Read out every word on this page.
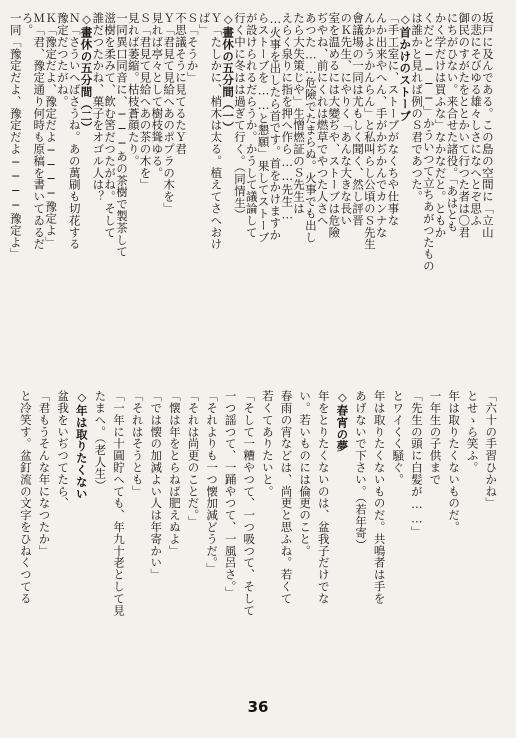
坂戸に及んである。この島の空間に「立山
の悲にそびゆる雄々しさになへとぞ思ふ
御民のすがたをととかいて行つた者は〇君
にちがひない。来合せた諸役。「あはとも
かく学だけは買ふな」なかなだと。ともか
くだと────」かういつて立ちあがつたもの
は誰かと見れば例のＳ君であつた。
◇首かけのストーブ
「手工室に、ストーブがなくちや仕事な
んか出来やへん、手がかぢかんでカンナな
んかようかんらん」と私叫らし公頃のＳ先生
會議場の一同は尤もしく聞く、然し評晋
のＫ先生、にやりく「あんな大きな長い
室を温めるには大變ぢや、ストーブは危險
ぢやね、前にくれは燃草でやつた人さへ
あつた……危險でたまらぬ。火事でも出し
たら大失策じや」生憎燃証のＳ先生は
えらく泉りに指を押へ作ら……先生…
…火事を出したら首です。首をかけますか
らストーブを……と懇願」果してストーブ
が設けられるだらうか。かうして議論して
行く中に冬はは過ぎて行く。（同情生）
◇畫休の五分間（一）
Ｙ「たしかに、梢木は太る。植えてさへおけ
ば」
Ｓ「そうか」
不思議そうに見てるたＹ君
Ｙ「君見て見給へあのポプラの木を」
見れば亭々として樹枝聳ゆる。
Ｓ「君見て見給へあの茶の木を」
見れば萎縮。枯枝蒼顔たり。
一同異口同音に、───あの茶樹で製茶して
滋樹を柔みて、飲む筈だつたがね。そして
誰だつたかね、菓子をオゴル人は？
◇畫休の五分間（二）
Ｎ「さういへばさうね。あの萬刷も切花する
豫定だつたがね。
Ｋ「豫定だよ、豫定だよ────豫定よ」
Ｍ「君、豫定通り何時も原稿を書いてゐるだ
ろ。
一同「豫定だよ、豫定だよ────豫定よ」
「六十の手習ひかね」
とせゝら笑ふ。
年は取りたくないものだ。
一年生の子供まで
「先生の頭に白髪が……」
とワイくく騒ぐ。
年は取りたくないものだ。共鳴者は手を
あげないで下さい。（若年寄）
◇春宵の夢
年をとりたくないのは、盆我子だけでな
い。若いものには倫更のこと。
春雨の宵などは、尚更と思ふね。若くて
若くてありたいと。
「そして一糟やつて、一つ吸つて、そして
一つ謡つて、一踊やつて、一風呂さ。」
「それよりも一つ懐加減どうだ。」
「それは尚更のことだ。」
「懐は年をとらねば肥えぬよ」
「では懐の加減よい人は年寄かい」
「それはそうとも」
「一年に十圓貯へても、年九十老として見
たまへ。（老人生）
◇年は取りたくない
盆我をいぢつてたら、
「君もうそんな年になつたか」
と冷笑す。盆釘流の文字をひねくつてる
36
